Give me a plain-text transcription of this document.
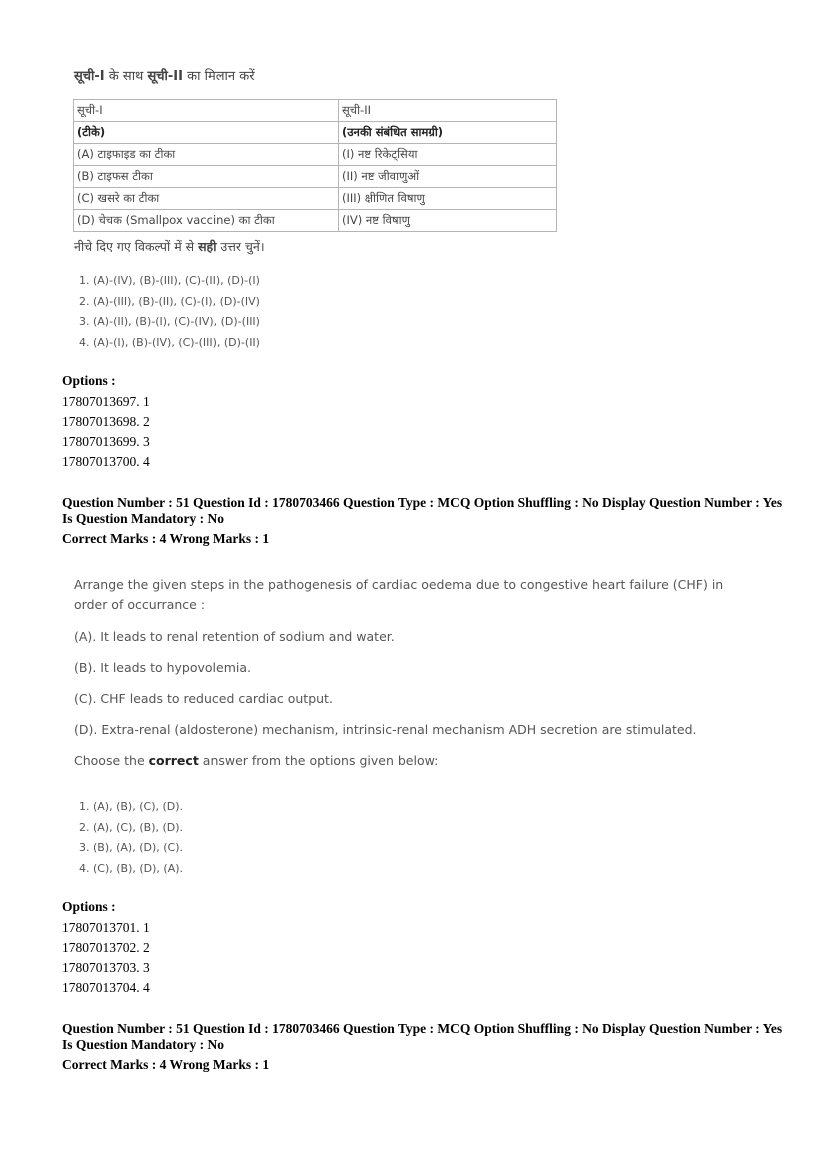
सूची-I के साथ सूची-II का मिलान करें
सूची-I	सूची-II
(टीके)	(उनकी संबंधित सामग्री)
(A) टाइफाइड का टीका	(I) नष्ट रिकेट्सिया
(B) टाइफस टीका	(II) नष्ट जीवाणुओं
(C) खसरे का टीका	(III) क्षीणित विषाणु
(D) चेचक (Smallpox vaccine) का टीका	(IV) नष्ट विषाणु
नीचे दिए गए विकल्पों में से सही उत्तर चुनें।
1. (A)-(IV), (B)-(III), (C)-(II), (D)-(I)
2. (A)-(III), (B)-(II), (C)-(I), (D)-(IV)
3. (A)-(II), (B)-(I), (C)-(IV), (D)-(III)
4. (A)-(I), (B)-(IV), (C)-(III), (D)-(II)
Options :
17807013697. 1
17807013698. 2
17807013699. 3
17807013700. 4
Question Number : 51 Question Id : 1780703466 Question Type : MCQ Option Shuffling : No Display Question Number : Yes
Is Question Mandatory : No
Correct Marks : 4 Wrong Marks : 1

Arrange the given steps in the pathogenesis of cardiac oedema due to congestive heart failure (CHF) in order of occurrance :

(A). It leads to renal retention of sodium and water.

(B). It leads to hypovolemia.

(C). CHF leads to reduced cardiac output.

(D). Extra-renal (aldosterone) mechanism, intrinsic-renal mechanism ADH secretion are stimulated.

Choose the correct answer from the options given below:

1. (A), (B), (C), (D).
2. (A), (C), (B), (D).
3. (B), (A), (D), (C).
4. (C), (B), (D), (A).
Options :
17807013701. 1
17807013702. 2
17807013703. 3
17807013704. 4
Question Number : 51 Question Id : 1780703466 Question Type : MCQ Option Shuffling : No Display Question Number : Yes
Is Question Mandatory : No
Correct Marks : 4 Wrong Marks : 1
